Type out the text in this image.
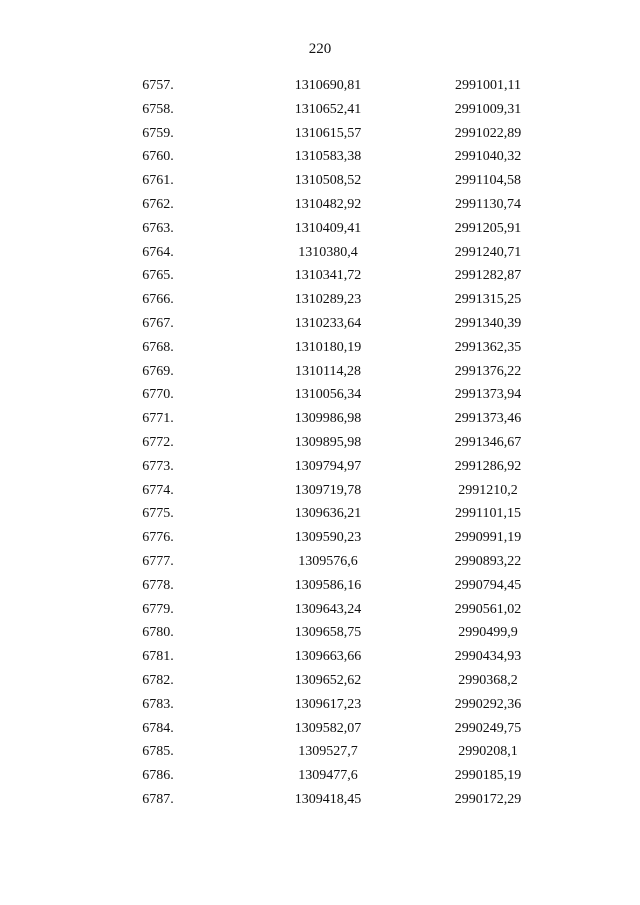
220
6757.	1310690,81	2991001,11
6758.	1310652,41	2991009,31
6759.	1310615,57	2991022,89
6760.	1310583,38	2991040,32
6761.	1310508,52	2991104,58
6762.	1310482,92	2991130,74
6763.	1310409,41	2991205,91
6764.	1310380,4	2991240,71
6765.	1310341,72	2991282,87
6766.	1310289,23	2991315,25
6767.	1310233,64	2991340,39
6768.	1310180,19	2991362,35
6769.	1310114,28	2991376,22
6770.	1310056,34	2991373,94
6771.	1309986,98	2991373,46
6772.	1309895,98	2991346,67
6773.	1309794,97	2991286,92
6774.	1309719,78	2991210,2
6775.	1309636,21	2991101,15
6776.	1309590,23	2990991,19
6777.	1309576,6	2990893,22
6778.	1309586,16	2990794,45
6779.	1309643,24	2990561,02
6780.	1309658,75	2990499,9
6781.	1309663,66	2990434,93
6782.	1309652,62	2990368,2
6783.	1309617,23	2990292,36
6784.	1309582,07	2990249,75
6785.	1309527,7	2990208,1
6786.	1309477,6	2990185,19
6787.	1309418,45	2990172,29
